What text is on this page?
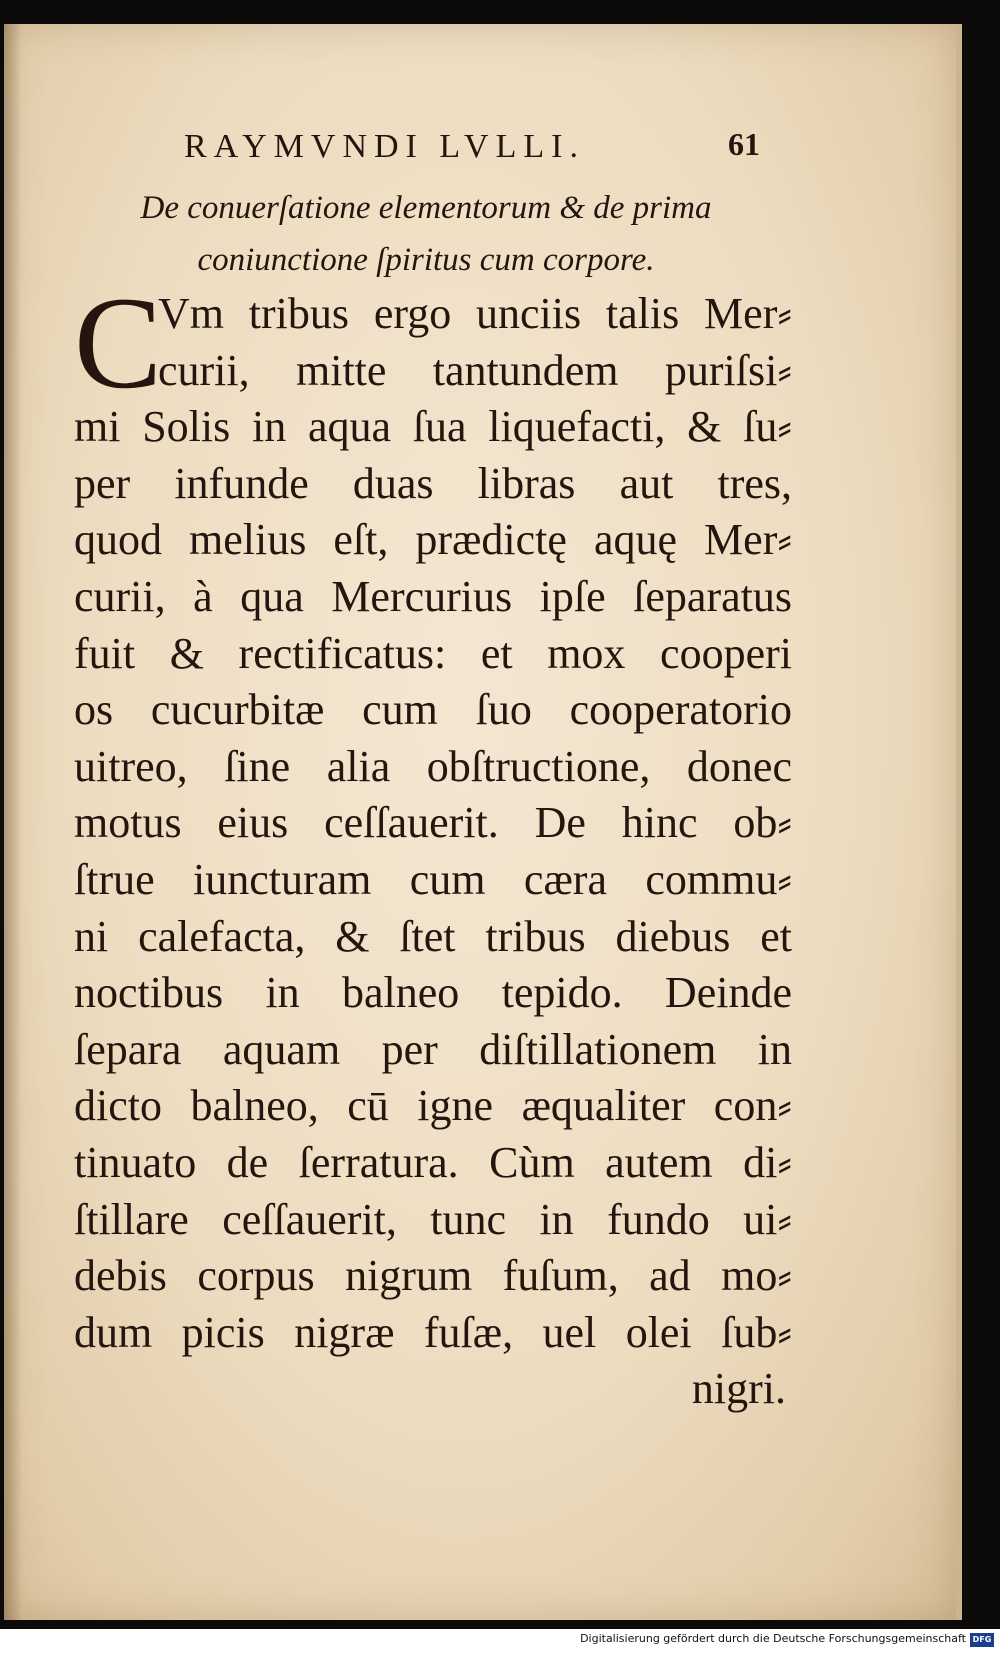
RAYMVNDI LVLLI.	61
De conuerſatione elementorum & de prima
coniunctione ſpiritus cum corpore.
C
Vm tribus ergo unciis talis Mer⸗
curii, mitte tantundem puriſsi⸗
mi Solis in aqua ſua liquefacti, & ſu⸗
per infunde duas libras aut tres,
quod melius eſt, prædictę aquę Mer⸗
curii, à qua Mercurius ipſe ſeparatus
fuit & rectificatus: et mox cooperi
os cucurbitæ cum ſuo cooperatorio
uitreo, ſine alia obſtructione, donec
motus eius ceſſauerit. De hinc ob⸗
ſtrue iuncturam cum cæra commu⸗
ni calefacta, & ſtet tribus diebus et
noctibus in balneo tepido. Deinde
ſepara aquam per diſtillationem in
dicto balneo, cū igne æqualiter con⸗
tinuato de ſerratura. Cùm autem di⸗
ſtillare ceſſauerit, tunc in fundo ui⸗
debis corpus nigrum fuſum, ad mo⸗
dum picis nigræ fuſæ, uel olei ſub⸗
nigri.
Digitalisierung gefördert durch die Deutsche Forschungsgemeinschaft DFG
